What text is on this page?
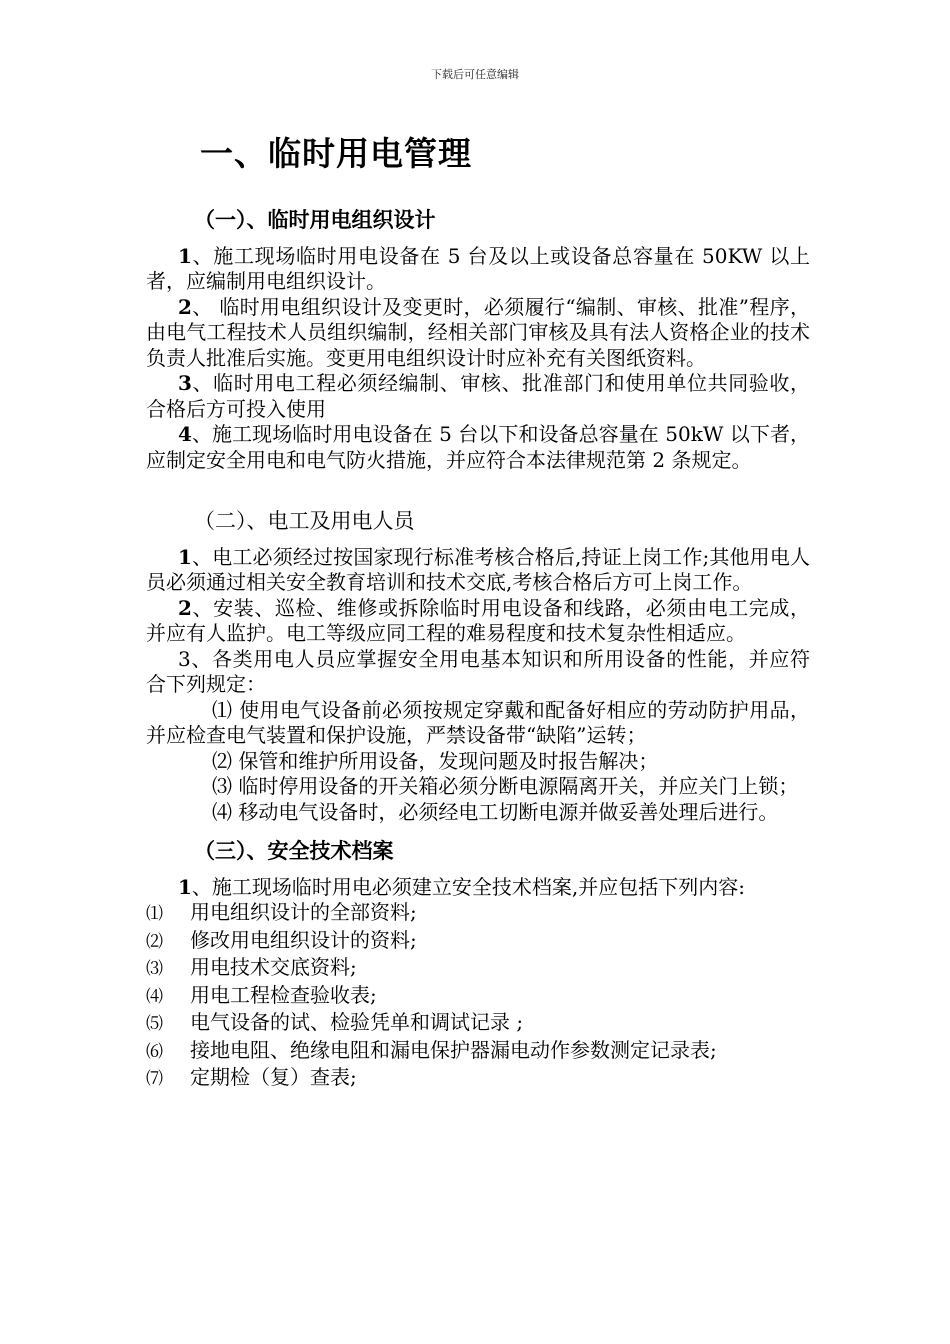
下载后可任意编辑
一、临时用电管理
（一）、临时用电组织设计

1、施工现场临时用电设备在 5 台及以上或设备总容量在 50KW 以上者，应编制用电组织设计。

2、 临时用电组织设计及变更时，必须履行“编制、审核、批准”程序，由电气工程技术人员组织编制，经相关部门审核及具有法人资格企业的技术负责人批准后实施。变更用电组织设计时应补充有关图纸资料。

3、临时用电工程必须经编制、审核、批准部门和使用单位共同验收，合格后方可投入使用

4、施工现场临时用电设备在 5 台以下和设备总容量在 50kW 以下者，应制定安全用电和电气防火措施，并应符合本法律规范第 2 条规定。

（二）、电工及用电人员

1、电工必须经过按国家现行标准考核合格后,持证上岗工作;其他用电人员必须通过相关安全教育培训和技术交底,考核合格后方可上岗工作。

2、安装、巡检、维修或拆除临时用电设备和线路，必须由电工完成，并应有人监护。电工等级应同工程的难易程度和技术复杂性相适应。

3、各类用电人员应掌握安全用电基本知识和所用设备的性能，并应符合下列规定：

⑴ 使用电气设备前必须按规定穿戴和配备好相应的劳动防护用品，并应检查电气装置和保护设施，严禁设备带“缺陷”运转；

⑵ 保管和维护所用设备，发现问题及时报告解决；

⑶ 临时停用设备的开关箱必须分断电源隔离开关，并应关门上锁；

⑷ 移动电气设备时，必须经电工切断电源并做妥善处理后进行。

（三）、安全技术档案

1、施工现场临时用电必须建立安全技术档案,并应包括下列内容:

⑴ 用电组织设计的全部资料;

⑵ 修改用电组织设计的资料;

⑶ 用电技术交底资料;

⑷ 用电工程检查验收表;

⑸ 电气设备的试、检验凭单和调试记录 ;

⑹ 接地电阻、绝缘电阻和漏电保护器漏电动作参数测定记录表;

⑺ 定期检（复）查表;
